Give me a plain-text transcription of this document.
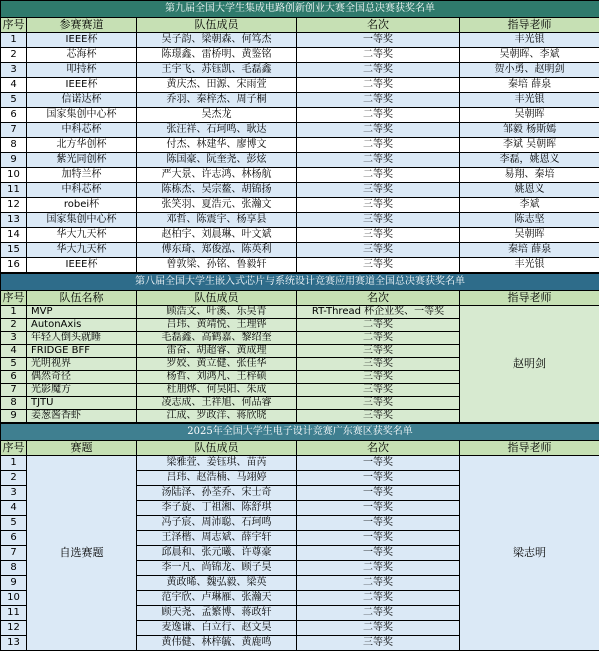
第九届全国大学生集成电路创新创业大赛全国总决赛获奖名单				
序号	参赛赛道	队伍成员	名次	指导老师
1	IEEE杯	吴子韵、梁朝森、何笃杰	一等奖	丰光银
2	芯海杯	陈璟鑫、雷桥明、黄鉴铭	二等奖	吴朝晖、李斌
3	叩持杯	王宇飞、苏钰凯、毛磊鑫	二等奖	贺小勇、赵明剑
4	IEEE杯	黄庆杰、田源、宋雨萱	二等奖	秦培 薛泉
5	信诺达杯	乔羽、秦梓杰、周子桐	二等奖	丰光银
6	国家集创中心杯	吴杰龙	二等奖	吴朝晖
7	中科芯杯	张汪祥、石珂鸣、耿达	二等奖	邹毅 杨斯嫣
8	北方华创杯	付杰、林建华、廖博文	二等奖	李斌 吴朝晖
9	紫光同创杯	陈国豪、阮奎尧、彭炫	二等奖	李磊，姚恩义
10	加特兰杯	严大景、许志鸿、林杨航	二等奖	易翔、秦培
11	中科芯杯	陈栋杰、吴宗鳌、胡锦扬	三等奖	姚恩义
12	robei杯	张笑羽、夏浩元、张瀚文	三等奖	李斌
13	国家集创中心杯	邓哲、陈震宇、杨享县	三等奖	陈志坚
14	华大九天杯	赵柏宇、刘晨琳、叶文斌	三等奖	吴朝晖
15	华大九天杯	傅东琦、郑俊泓、陈英利	三等奖	秦培 薛泉
16	IEEE杯	曾敦梁、孙铭、鲁毅轩	三等奖	丰光银
第八届全国大学生嵌入式芯片与系统设计竞赛应用赛道全国总决赛获奖名单				
序号	队伍名称	队伍成员	名次	指导老师
1	MVP	顾浩文、叶溪、乐昊青	RT-Thread 杯企业奖、一等奖	赵明剑
2	AutonAxis	吕玮、黄靖悦、王理铧	二等奖	
3	年轻人倒头就睡	毛磊鑫、高鹤嘉、黎绍奎	二等奖	
4	FRIDGE BFF	雷奋、胡超睿、黄成理	三等奖	
5	光明视界	罗姣、黄立健、张佳华	三等奖	
6	偶然奇径	杨哲、刘鸿凡、王梓硕	三等奖	
7	光影魔方	杜朋烨、何昊阳、朱成	三等奖	
8	TJTU	凌志成、王祥旭、何品睿	三等奖	
9	姜葱酱香虾	江成、罗政洋、蒋欣晓	三等奖	
2025年全国大学生电子设计竞赛广东赛区获奖名单				
序号	赛题	队伍成员	名次	指导老师
1	自选赛题	梁雅萱、姜钰琪、苗芮	一等奖	梁志明
2		吕玮、赵浩楠、马翊婷	一等奖	
3		汤陆泽、孙荃乔、宋士奇	一等奖	
4		李子旋、丁祖湘、陈舒琪	一等奖	
5		冯子宸、周沛聪、石珂鸣	一等奖	
6		王泽楷、周志斌、薛宇轩	一等奖	
7		邱晨和、张元曦、许尊豪	一等奖	
8		李一凡、尚锦龙、顾子昊	二等奖	
9		黄政晞、魏弘毅、梁英	二等奖	
10		范宇欣、卢琳雁、张瀚天	二等奖	
11		顾天尧、孟繁博、蒋政轩	二等奖	
12		麦逸谦、白立行、赵文昊	二等奖	
13		黄伟健、林梓毓、黄鹿鸣	三等奖	
